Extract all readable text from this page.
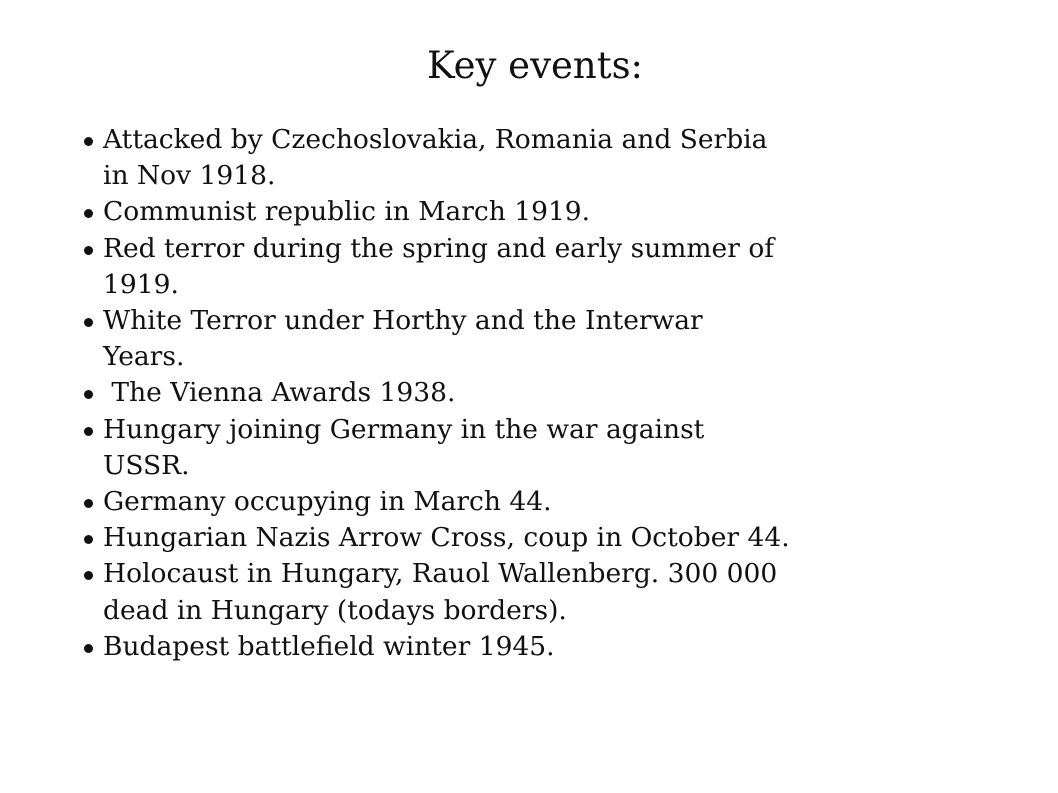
Key events:
Attacked by Czechoslovakia, Romania and Serbia
in Nov 1918.
Communist republic in March 1919.
Red terror during the spring and early summer of
1919.
White Terror under Horthy and the Interwar
Years.
The Vienna Awards 1938.
Hungary joining Germany in the war against
USSR.
Germany occupying in March 44.
Hungarian Nazis Arrow Cross, coup in October 44.
Holocaust in Hungary, Rauol Wallenberg. 300 000
dead in Hungary (todays borders).
Budapest battlefield winter 1945.
